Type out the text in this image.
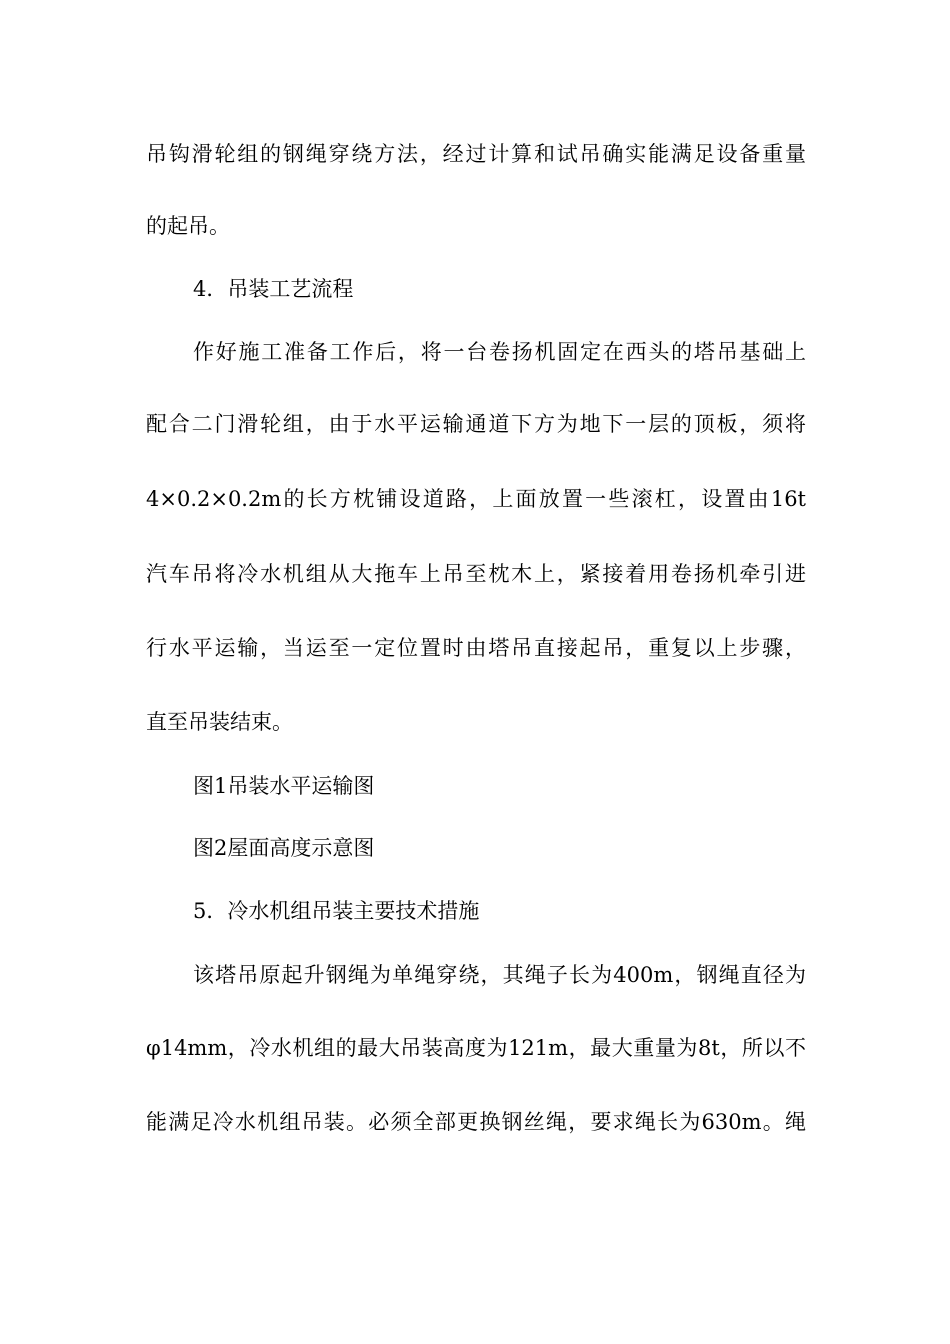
吊钩滑轮组的钢绳穿绕方法，经过计算和试吊确实能满足设备重量
的起吊。
4．吊装工艺流程
作好施工准备工作后，将一台卷扬机固定在西头的塔吊基础上
配合二门滑轮组，由于水平运输通道下方为地下一层的顶板，须将
4×0.2×0.2m的长方枕铺设道路，上面放置一些滚杠，设置由16t
汽车吊将冷水机组从大拖车上吊至枕木上，紧接着用卷扬机牵引进
行水平运输，当运至一定位置时由塔吊直接起吊，重复以上步骤，
直至吊装结束。
图1吊装水平运输图
图2屋面高度示意图
5．冷水机组吊装主要技术措施
该塔吊原起升钢绳为单绳穿绕，其绳子长为400m，钢绳直径为
φ14mm，冷水机组的最大吊装高度为121m，最大重量为8t，所以不
能满足冷水机组吊装。必须全部更换钢丝绳，要求绳长为630m。绳
